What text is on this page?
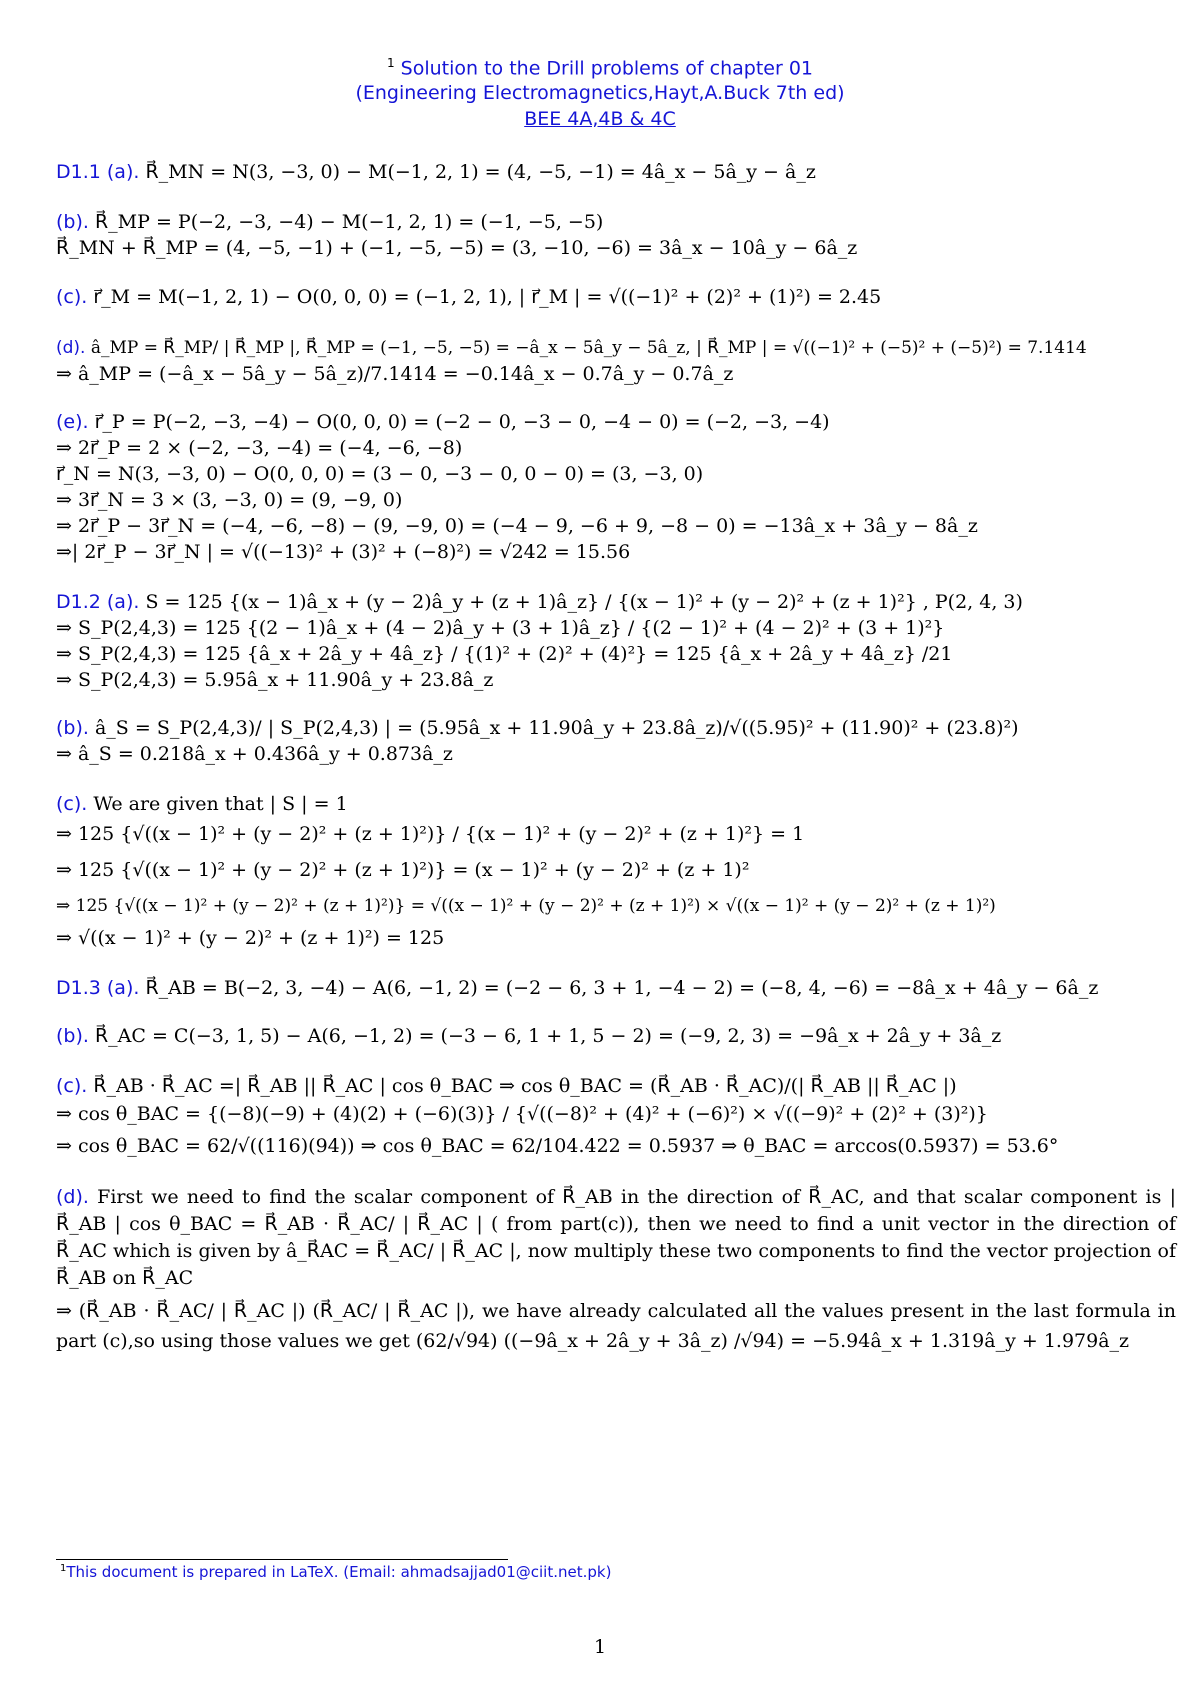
$^1$ Solution to the Drill problems of chapter 01
(Engineering Electromagnetics,Hayt,A.Buck 7th ed)
BEE 4A,4B & 4C
D1.1 (a). R⃗_MN = N(3, −3, 0) − M(−1, 2, 1) = (4, −5, −1) = 4â_x − 5â_y − â_z
(b). R⃗_MP = P(−2, −3, −4) − M(−1, 2, 1) = (−1, −5, −5)
R⃗_MN + R⃗_MP = (4, −5, −1) + (−1, −5, −5) = (3, −10, −6) = 3â_x − 10â_y − 6â_z
(c). r⃗_M = M(−1, 2, 1) − O(0, 0, 0) = (−1, 2, 1), | r⃗_M | = √((−1)² + (2)² + (1)²) = 2.45
(d). â_MP = R⃗_MP/ | R⃗_MP |, R⃗_MP = (−1, −5, −5) = −â_x − 5â_y − 5â_z, | R⃗_MP | = √((−1)² + (−5)² + (−5)²) = 7.1414
⇒ â_MP = (−â_x − 5â_y − 5â_z)/7.1414 = −0.14â_x − 0.7â_y − 0.7â_z
(e). r⃗_P = P(−2, −3, −4) − O(0, 0, 0) = (−2 − 0, −3 − 0, −4 − 0) = (−2, −3, −4)
⇒ 2r⃗_P = 2 × (−2, −3, −4) = (−4, −6, −8)
r⃗_N = N(3, −3, 0) − O(0, 0, 0) = (3 − 0, −3 − 0, 0 − 0) = (3, −3, 0)
⇒ 3r⃗_N = 3 × (3, −3, 0) = (9, −9, 0)
⇒ 2r⃗_P − 3r⃗_N = (−4, −6, −8) − (9, −9, 0) = (−4 − 9, −6 + 9, −8 − 0) = −13â_x + 3â_y − 8â_z
⇒| 2r⃗_P − 3r⃗_N | = √((−13)² + (3)² + (−8)²) = √242 = 15.56
D1.2 (a). S = 125 {(x − 1)â_x + (y − 2)â_y + (z + 1)â_z} / {(x − 1)² + (y − 2)² + (z + 1)²} , P(2, 4, 3)
⇒ S_P(2,4,3) = 125 {(2 − 1)â_x + (4 − 2)â_y + (3 + 1)â_z} / {(2 − 1)² + (4 − 2)² + (3 + 1)²}
⇒ S_P(2,4,3) = 125 {â_x + 2â_y + 4â_z} / {(1)² + (2)² + (4)²} = 125 {â_x + 2â_y + 4â_z} /21
⇒ S_P(2,4,3) = 5.95â_x + 11.90â_y + 23.8â_z
(b). â_S = S_P(2,4,3)/ | S_P(2,4,3) | = (5.95â_x + 11.90â_y + 23.8â_z)/√((5.95)² + (11.90)² + (23.8)²)
⇒ â_S = 0.218â_x + 0.436â_y + 0.873â_z
(c). We are given that | S | = 1
⇒ 125 {√((x − 1)² + (y − 2)² + (z + 1)²)} / {(x − 1)² + (y − 2)² + (z + 1)²} = 1
⇒ 125 {√((x − 1)² + (y − 2)² + (z + 1)²)} = (x − 1)² + (y − 2)² + (z + 1)²
⇒ 125 {√((x − 1)² + (y − 2)² + (z + 1)²)} = √((x − 1)² + (y − 2)² + (z + 1)²) × √((x − 1)² + (y − 2)² + (z + 1)²)
⇒ √((x − 1)² + (y − 2)² + (z + 1)²) = 125
D1.3 (a). R⃗_AB = B(−2, 3, −4) − A(6, −1, 2) = (−2 − 6, 3 + 1, −4 − 2) = (−8, 4, −6) = −8â_x + 4â_y − 6â_z
(b). R⃗_AC = C(−3, 1, 5) − A(6, −1, 2) = (−3 − 6, 1 + 1, 5 − 2) = (−9, 2, 3) = −9â_x + 2â_y + 3â_z
(c). R⃗_AB · R⃗_AC =| R⃗_AB || R⃗_AC | cos θ_BAC ⇒ cos θ_BAC = (R⃗_AB · R⃗_AC)/(| R⃗_AB || R⃗_AC |)
⇒ cos θ_BAC = {(−8)(−9) + (4)(2) + (−6)(3)} / {√((−8)² + (4)² + (−6)²) × √((−9)² + (2)² + (3)²)}
⇒ cos θ_BAC = 62/√((116)(94)) ⇒ cos θ_BAC = 62/104.422 = 0.5937 ⇒ θ_BAC = arccos(0.5937) = 53.6°
(d). First we need to find the scalar component of R⃗_AB in the direction of R⃗_AC, and that scalar component is | R⃗_AB | cos θ_BAC = R⃗_AB · R⃗_AC/ | R⃗_AC | ( from part(c)), then we need to find a unit vector in the direction of R⃗_AC which is given by â_R⃗AC = R⃗_AC/ | R⃗_AC |, now multiply these two components to find the vector projection of R⃗_AB on R⃗_AC
⇒ (R⃗_AB · R⃗_AC/ | R⃗_AC |) (R⃗_AC/ | R⃗_AC |), we have already calculated all the values present in the last formula in part (c),so using those values we get (62/√94) ((−9â_x + 2â_y + 3â_z) /√94) = −5.94â_x + 1.319â_y + 1.979â_z
$^1$This document is prepared in LaTeX. (Email: ahmadsajjad01@ciit.net.pk)
1
